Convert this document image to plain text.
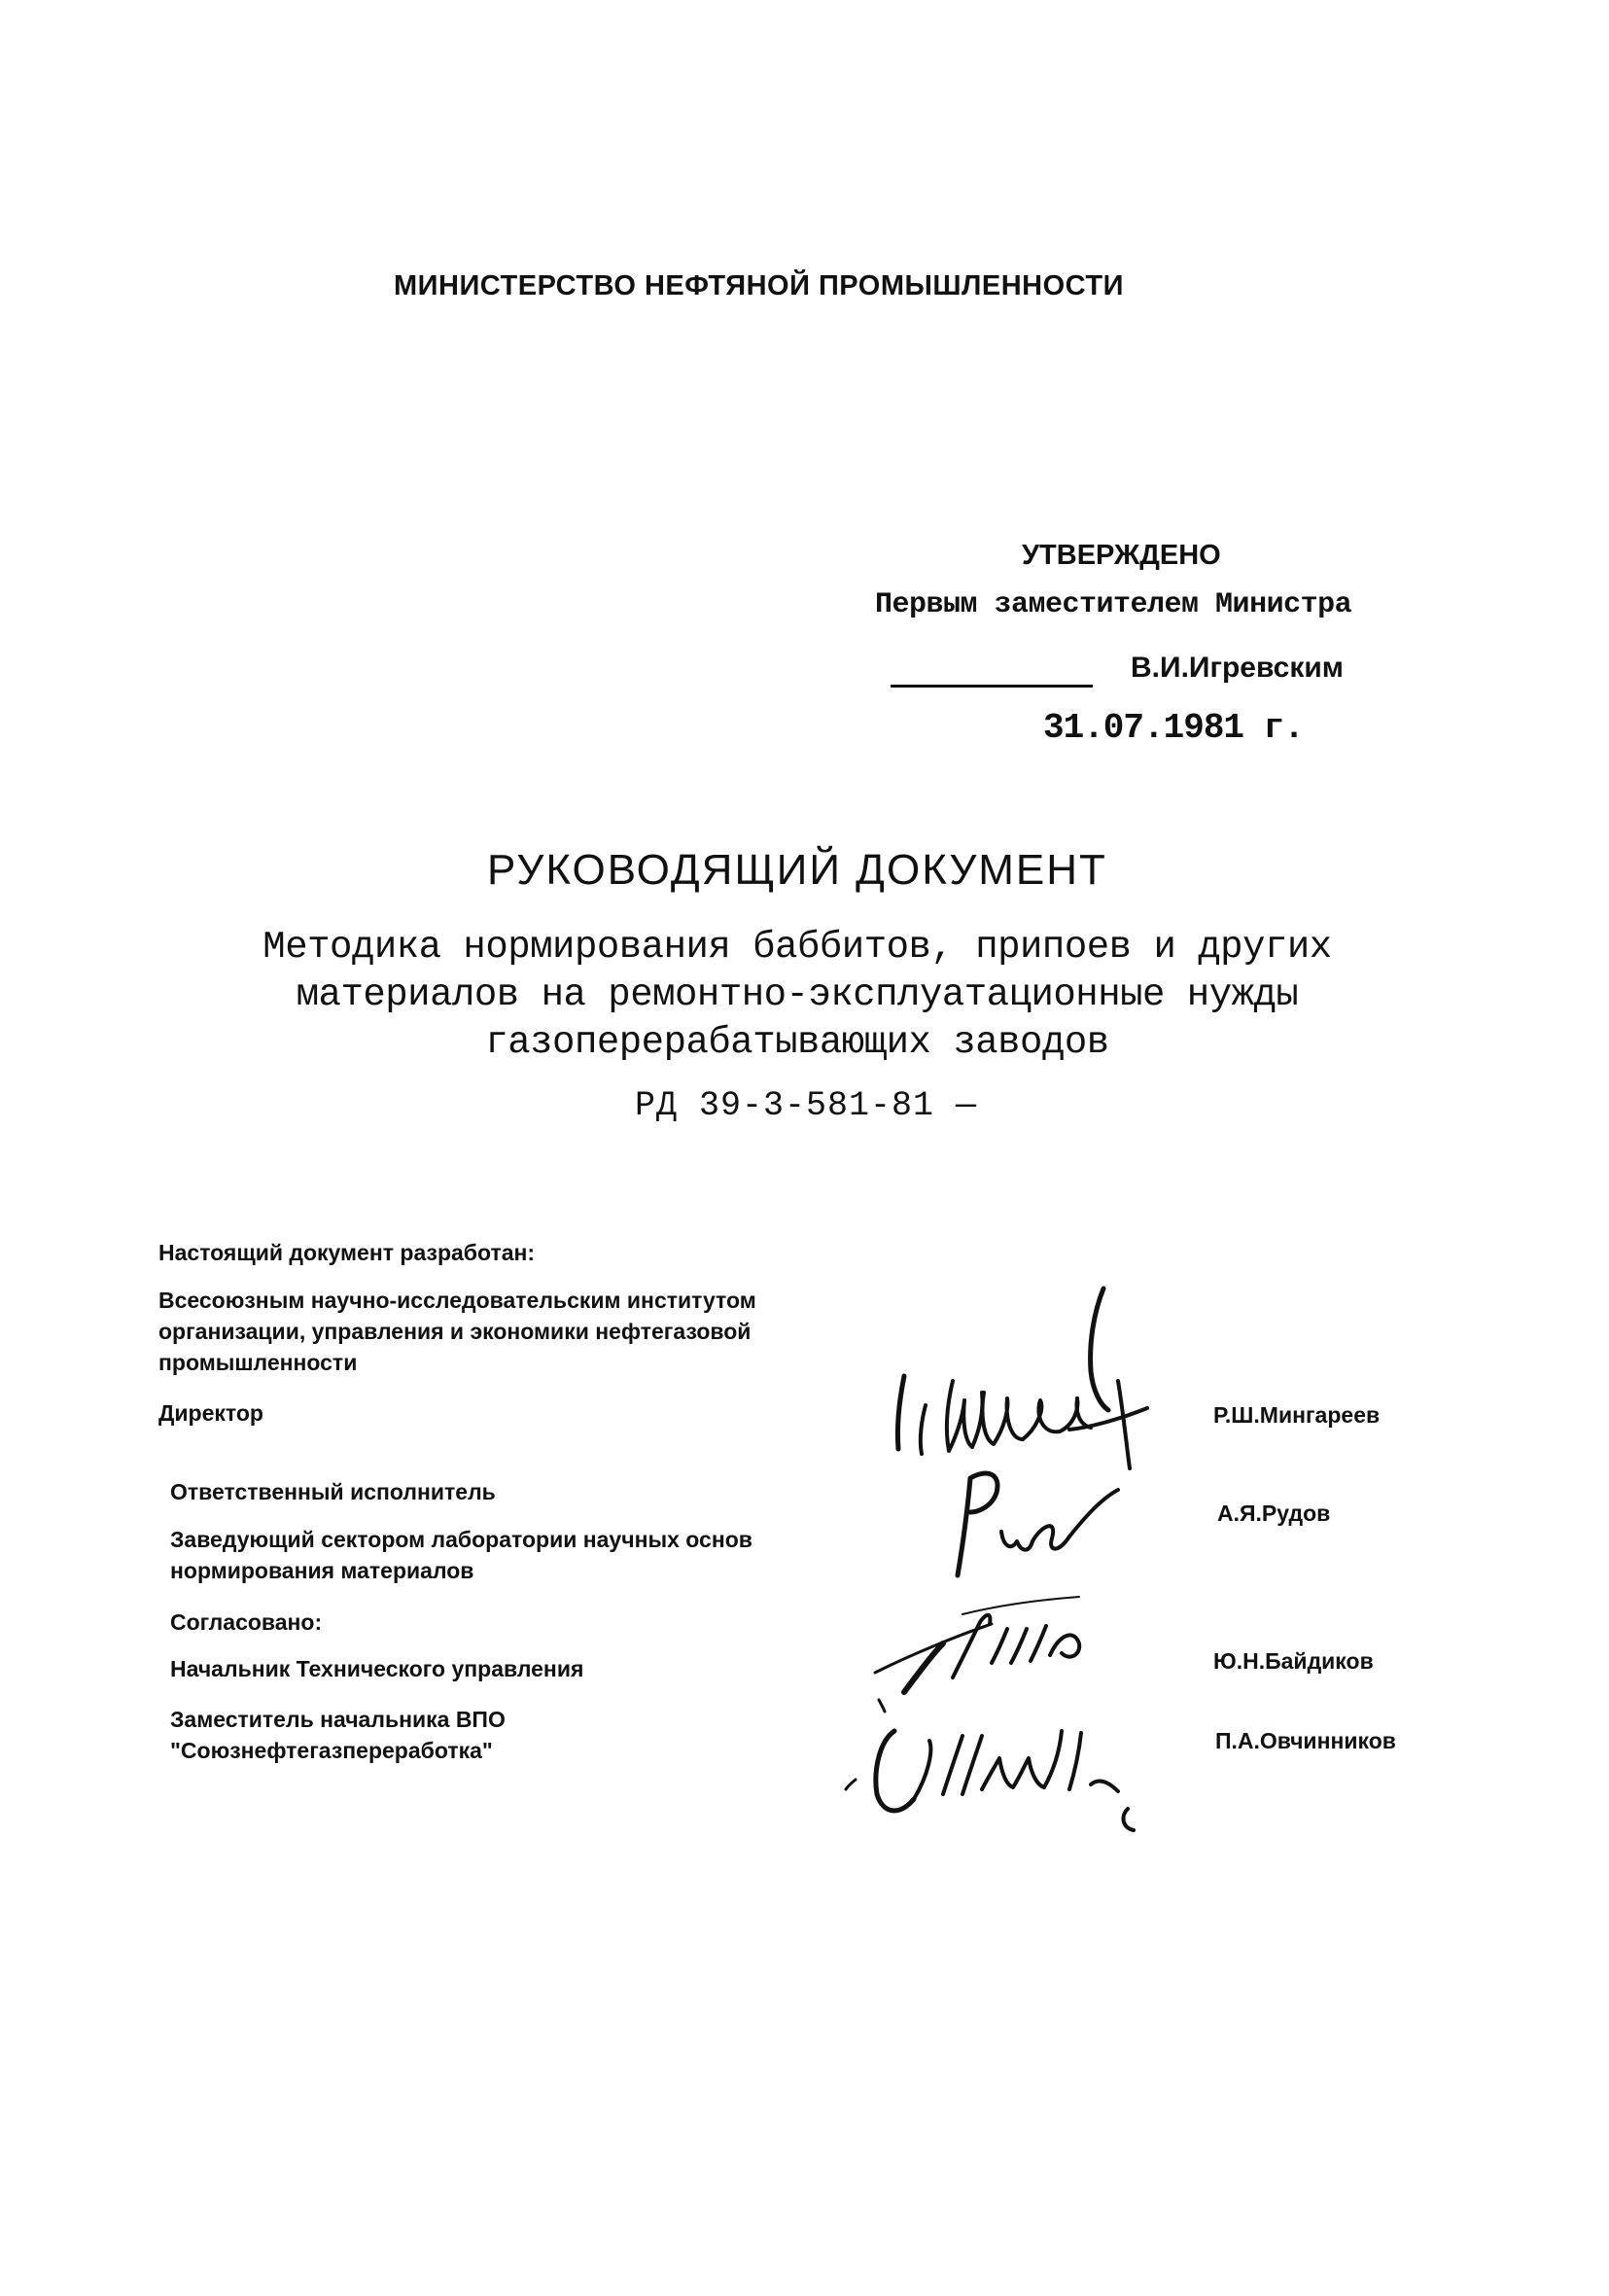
МИНИСТЕРСТВО НЕФТЯНОЙ ПРОМЫШЛЕННОСТИ
УТВЕРЖДЕНО
Первым заместителем Министра
В.И.Игревским
31.07.1981 г.
РУКОВОДЯЩИЙ ДОКУМЕНТ
Методика нормирования баббитов, припоев и других
материалов на ремонтно-эксплуатационные нужды
газоперерабатывающих заводов
РД 39-3-581-81 —
Настоящий документ разработан:
Всесоюзным научно-исследовательским институтом
организации, управления и экономики нефтегазовой
промышленности
Директор	Р.Ш.Мингареев
Ответственный исполнитель
Заведующий сектором лаборатории научных основ
нормирования материалов
А.Я.Рудов
Согласовано:
Начальник Технического управления	Ю.Н.Байдиков
Заместитель начальника ВПО
"Союзнефтегазпереработка"	П.А.Овчинников
